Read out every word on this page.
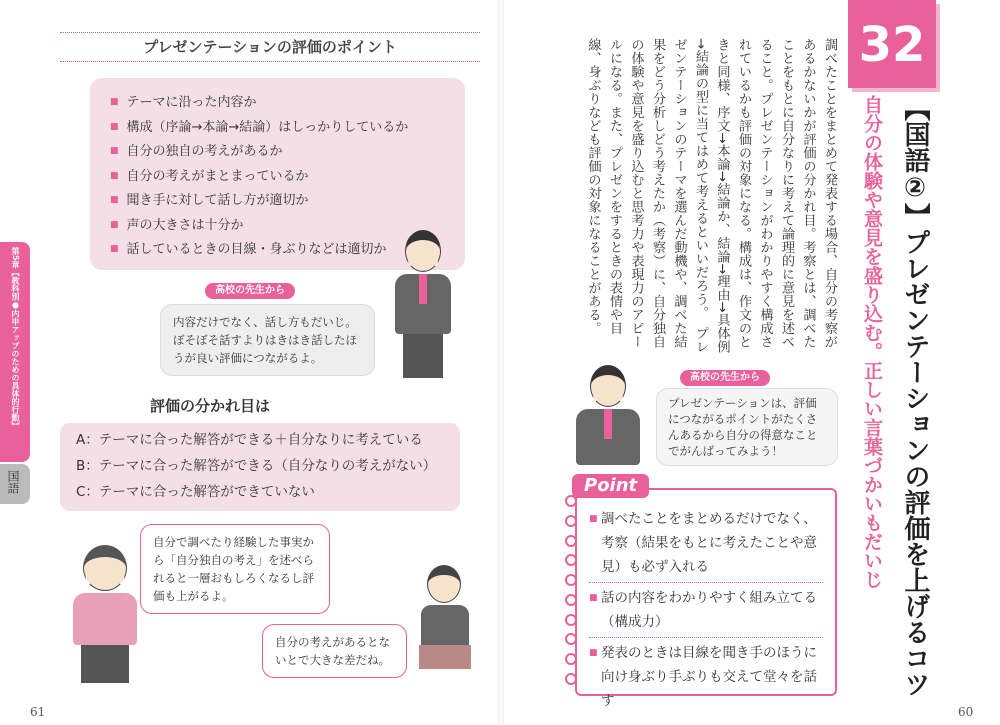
第5章【教科別●内申アップのための具体的行動】
国語
プレゼンテーションの評価のポイント
■ テーマに沿った内容か
■ 構成（序論→本論→結論）はしっかりしているか
■ 自分の独自の考えがあるか
■ 自分の考えがまとまっているか
■ 聞き手に対して話し方が適切か
■ 声の大きさは十分か
■ 話しているときの目線・身ぶりなどは適切か
高校の先生から
内容だけでなく、話し方もだいじ。ぼそぼそ話すよりはきはき話したほうが良い評価につながるよ。
評価の分かれ目は
A：テーマに合った解答ができる＋自分なりに考えている
B：テーマに合った解答ができる（自分なりの考えがない）
C：テーマに合った解答ができていない
自分で調べたり経験した事実から「自分独自の考え」を述べられると一層おもしろくなるし評価も上がるよ。
自分の考えがあるとないとで大きな差だね。
61
32
【国語②】プレゼンテーションの評価を上げるコツ
自分の体験や意見を盛り込む。正しい言葉づかいもだいじ
調べたことをまとめて発表する場合、自分の考察があるかないかが評価の分かれ目。考察とは、調べたことをもとに自分なりに考えて論理的に意見を述べること。プレゼンテーションがわかりやすく構成されているかも評価の対象になる。構成は、作文のときと同様、序文→本論→結論か、結論→理由→具体例→結論の型に当てはめて考えるといいだろう。　プレゼンテーションのテーマを選んだ動機や、調べた結果をどう分析しどう考えたか（考察）に、自分独自の体験や意見を盛り込むと思考力や表現力のアピールになる。また、プレゼンをするときの表情や目線、身ぶりなども評価の対象になることがある。
高校の先生から
プレゼンテーションは、評価につながるポイントがたくさんあるから自分の得意なことでがんばってみよう！
■ 調べたことをまとめるだけでなく、考察（結果をもとに考えたことや意見）も必ず入れる
■ 話の内容をわかりやすく組み立てる（構成力）
■ 発表のときは目線を聞き手のほうに向け身ぶり手ぶりも交えて堂々を話す
Point
60
